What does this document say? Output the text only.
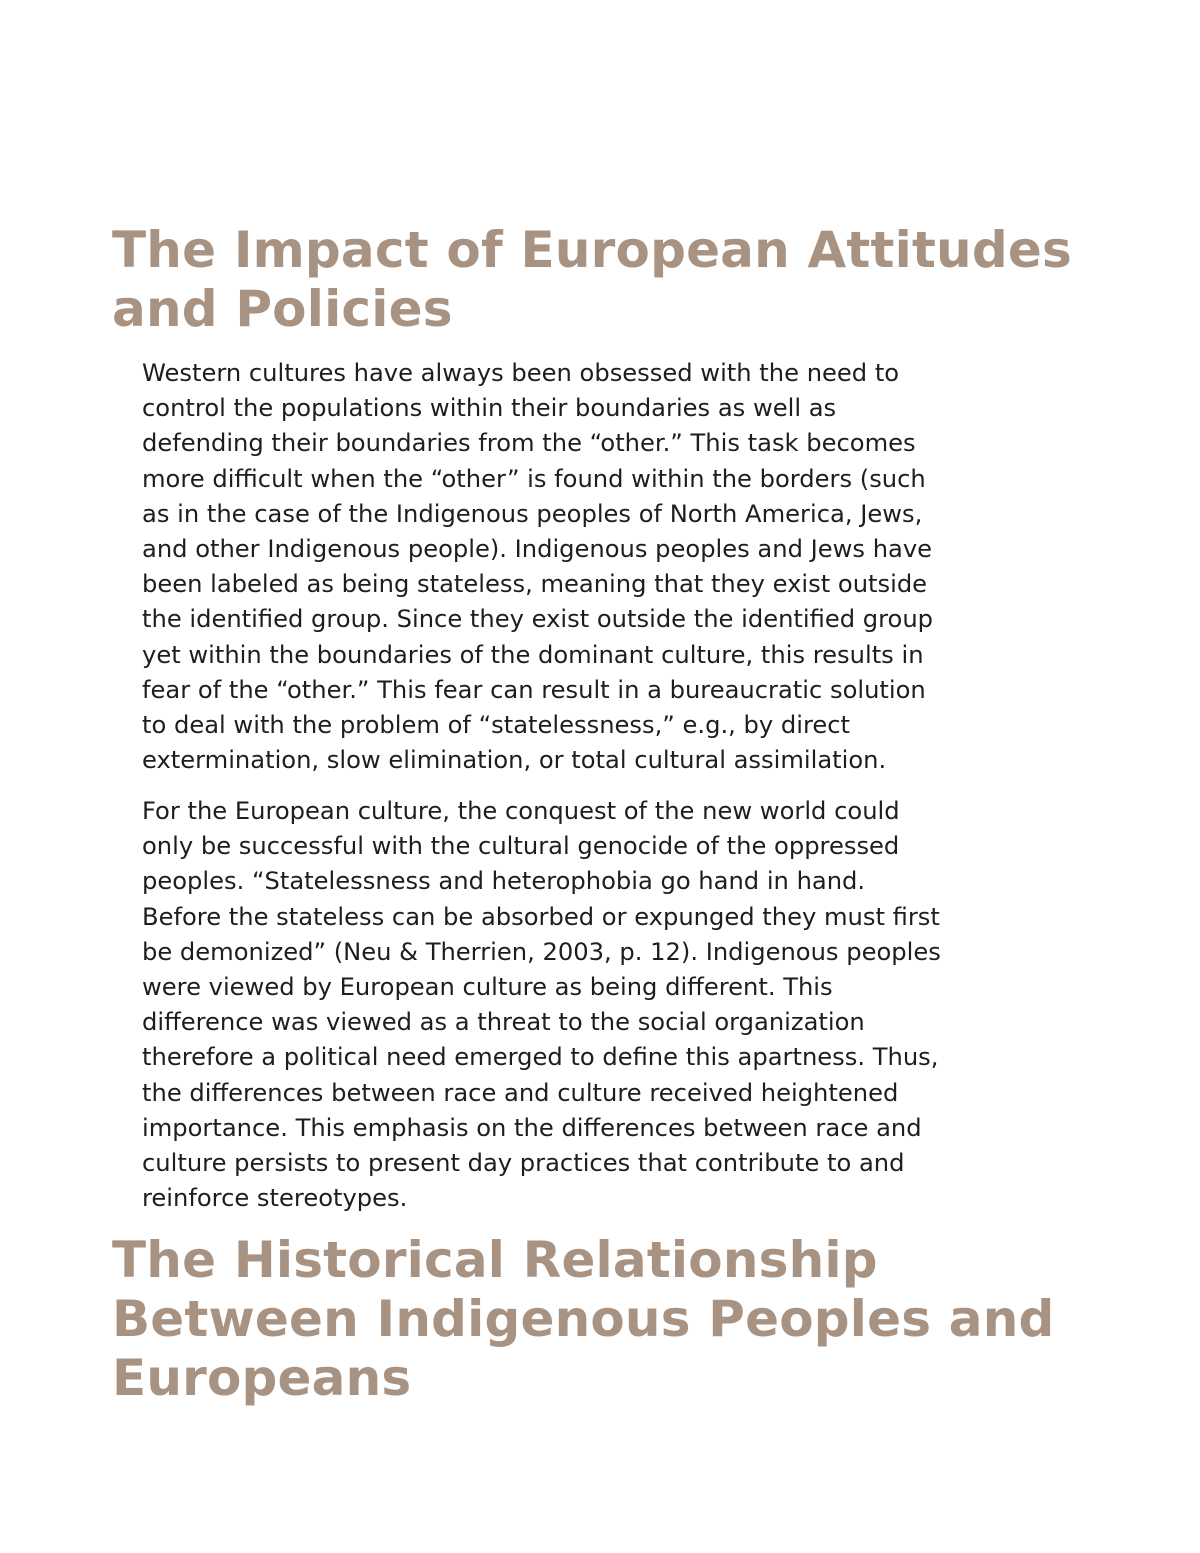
The Impact of European Attitudes
and Policies

Western cultures have always been obsessed with the need to
control the populations within their boundaries as well as
defending their boundaries from the “other.” This task becomes
more difficult when the “other” is found within the borders (such
as in the case of the Indigenous peoples of North America, Jews,
and other Indigenous people). Indigenous peoples and Jews have
been labeled as being stateless, meaning that they exist outside
the identified group. Since they exist outside the identified group
yet within the boundaries of the dominant culture, this results in
fear of the “other.” This fear can result in a bureaucratic solution
to deal with the problem of “statelessness,” e.g., by direct
extermination, slow elimination, or total cultural assimilation.

For the European culture, the conquest of the new world could
only be successful with the cultural genocide of the oppressed
peoples. “Statelessness and heterophobia go hand in hand.
Before the stateless can be absorbed or expunged they must first
be demonized” (Neu & Therrien, 2003, p. 12). Indigenous peoples
were viewed by European culture as being different. This
difference was viewed as a threat to the social organization
therefore a political need emerged to define this apartness. Thus,
the differences between race and culture received heightened
importance. This emphasis on the differences between race and
culture persists to present day practices that contribute to and
reinforce stereotypes.

The Historical Relationship
Between Indigenous Peoples and
Europeans
